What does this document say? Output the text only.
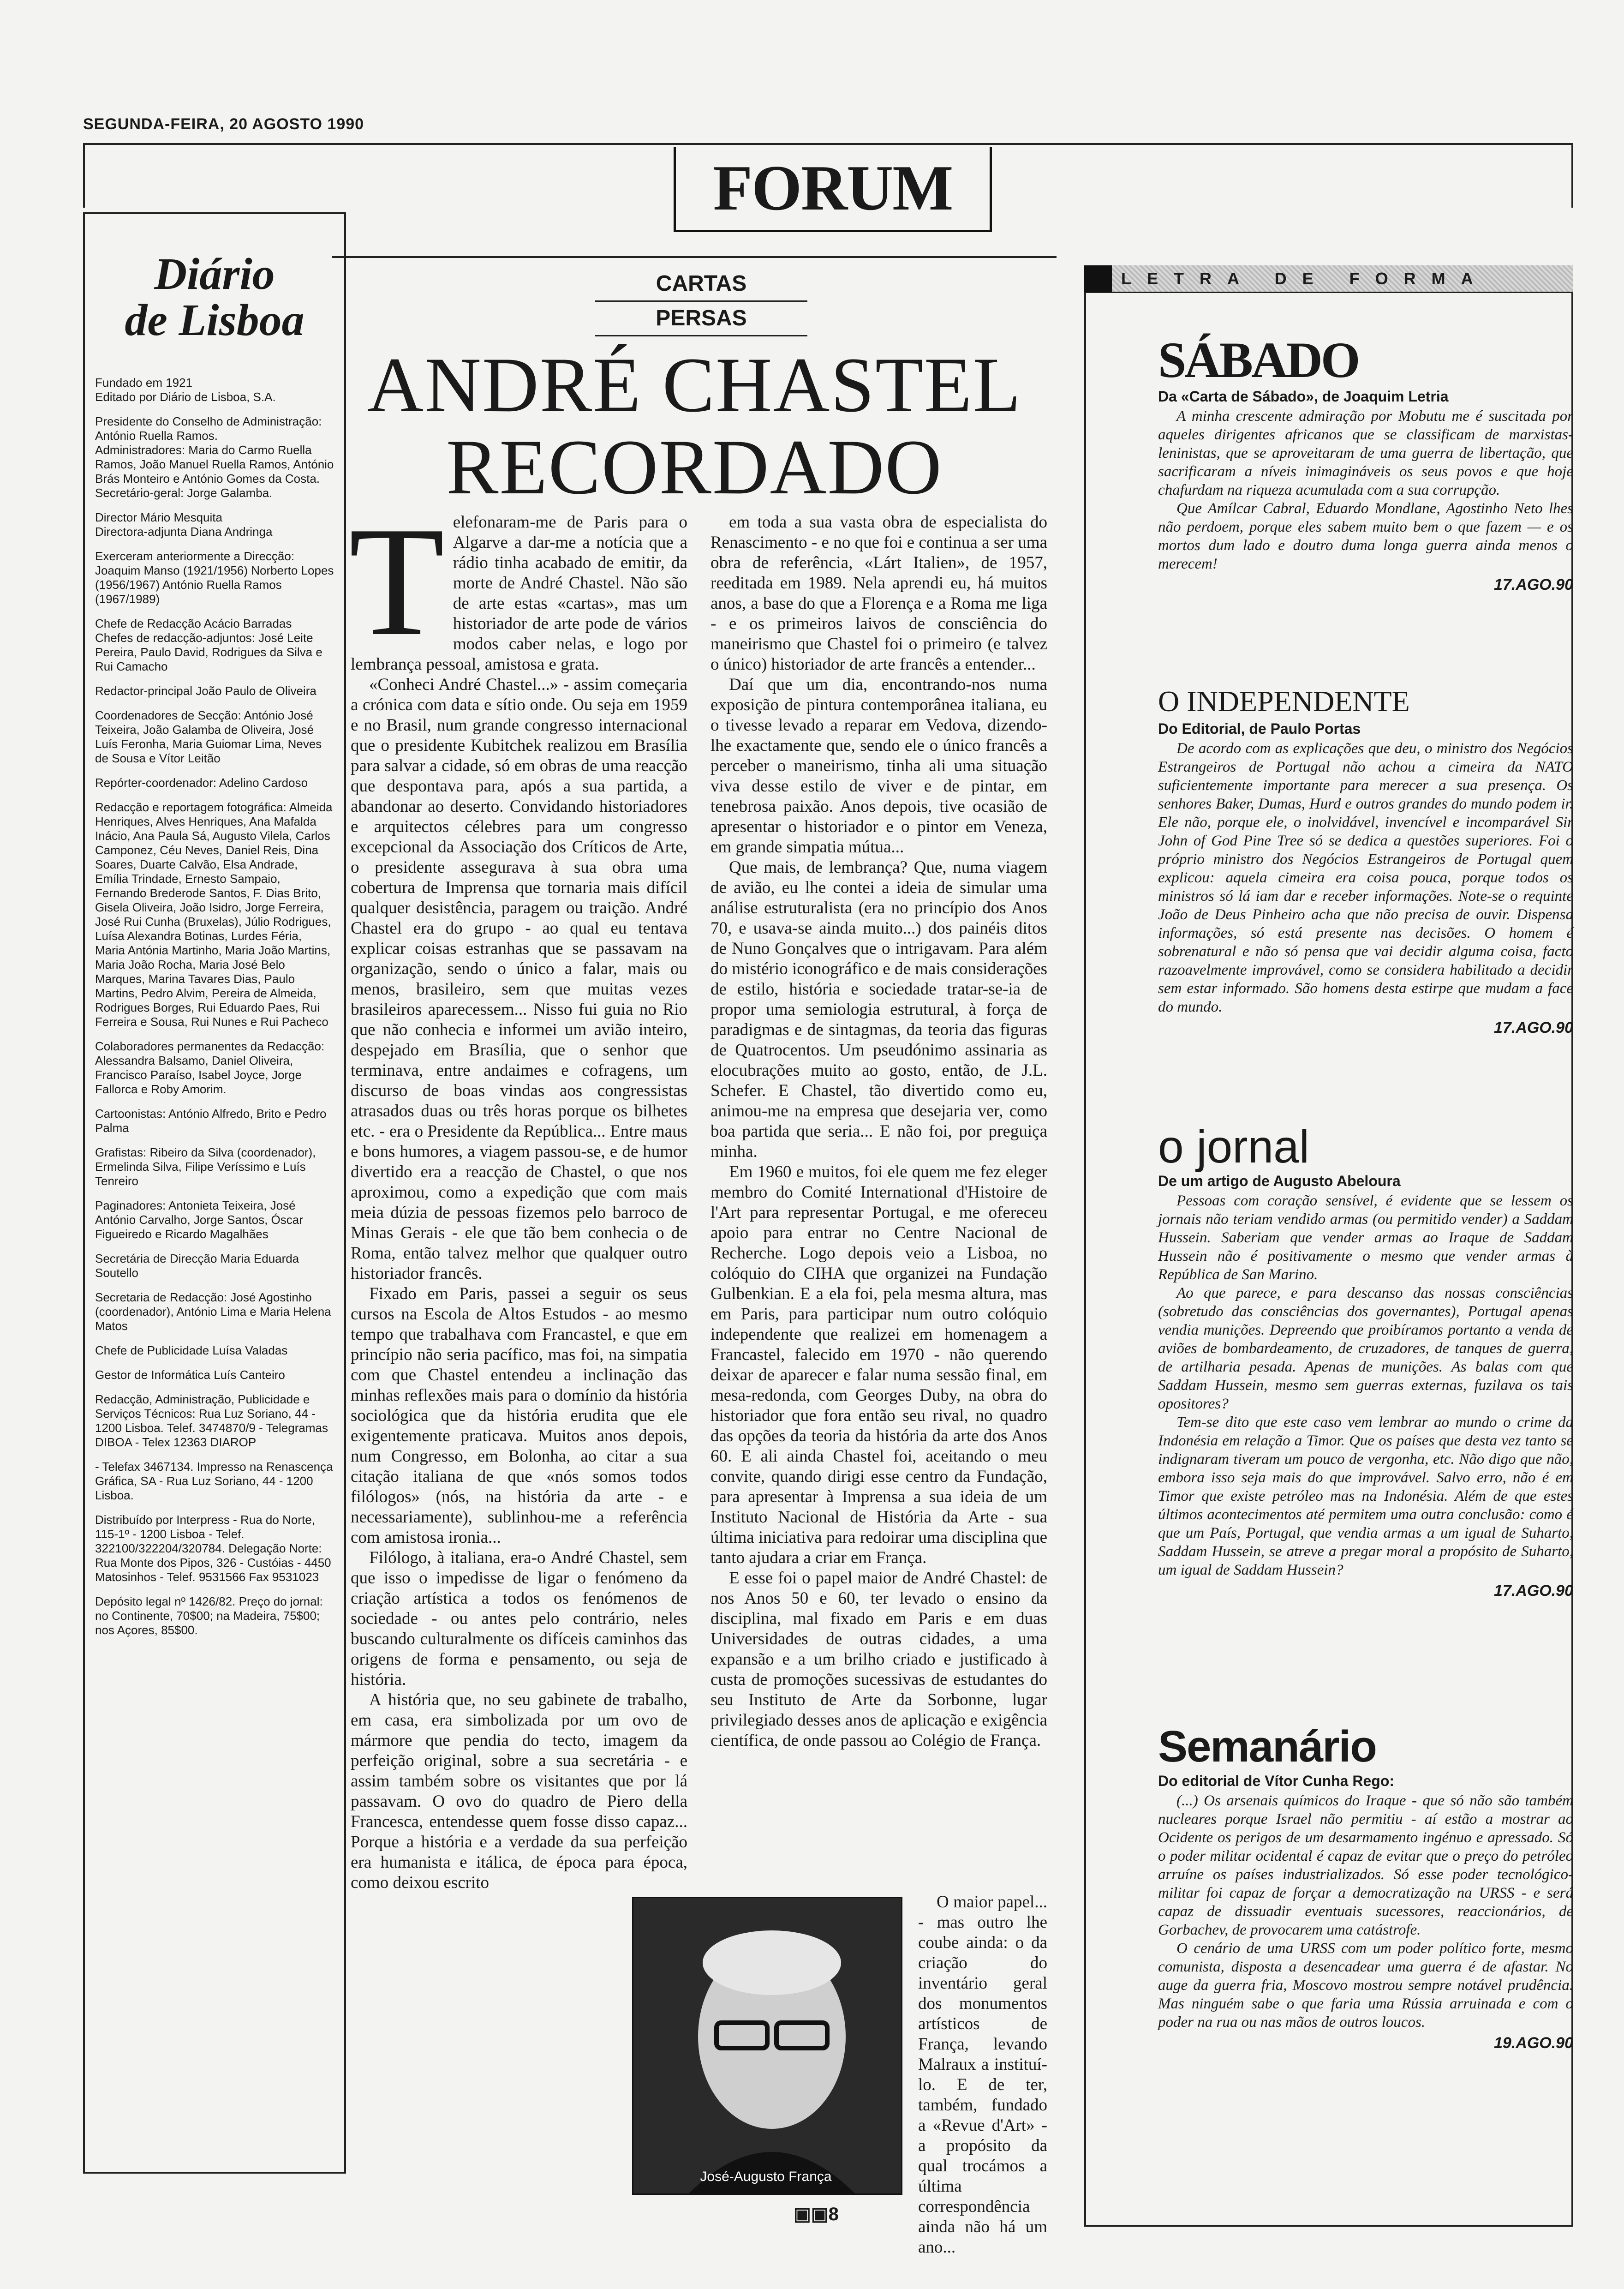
SEGUNDA-FEIRA, 20 AGOSTO 1990
FORUM
Diário
de Lisboa

Fundado em 1921
Editado por Diário de Lisboa, S.A.

Presidente do Conselho de Administração: António Ruella Ramos.
Administradores: Maria do Carmo Ruella Ramos, João Manuel Ruella Ramos, António Brás Monteiro e António Gomes da Costa.
Secretário-geral: Jorge Galamba.

Director Mário Mesquita
Directora-adjunta Diana Andringa

Exerceram anteriormente a Direcção: Joaquim Manso (1921/1956) Norberto Lopes (1956/1967) António Ruella Ramos (1967/1989)

Chefe de Redacção Acácio Barradas
Chefes de redacção-adjuntos: José Leite Pereira, Paulo David, Rodrigues da Silva e Rui Camacho

Redactor-principal João Paulo de Oliveira

Coordenadores de Secção: António José Teixeira, João Galamba de Oliveira, José Luís Feronha, Maria Guiomar Lima, Neves de Sousa e Vítor Leitão

Repórter-coordenador: Adelino Cardoso

Redacção e reportagem fotográfica: Almeida Henriques, Alves Henriques, Ana Mafalda Inácio, Ana Paula Sá, Augusto Vilela, Carlos Camponez, Céu Neves, Daniel Reis, Dina Soares, Duarte Calvão, Elsa Andrade, Emília Trindade, Ernesto Sampaio, Fernando Brederode Santos, F. Dias Brito, Gisela Oliveira, João Isidro, Jorge Ferreira, José Rui Cunha (Bruxelas), Júlio Rodrigues, Luísa Alexandra Botinas, Lurdes Féria, Maria Antónia Martinho, Maria João Martins, Maria João Rocha, Maria José Belo Marques, Marina Tavares Dias, Paulo Martins, Pedro Alvim, Pereira de Almeida, Rodrigues Borges, Rui Eduardo Paes, Rui Ferreira e Sousa, Rui Nunes e Rui Pacheco

Colaboradores permanentes da Redacção: Alessandra Balsamo, Daniel Oliveira, Francisco Paraíso, Isabel Joyce, Jorge Fallorca e Roby Amorim.

Cartoonistas: António Alfredo, Brito e Pedro Palma

Grafistas: Ribeiro da Silva (coordenador), Ermelinda Silva, Filipe Veríssimo e Luís Tenreiro

Paginadores: Antonieta Teixeira, José António Carvalho, Jorge Santos, Óscar Figueiredo e Ricardo Magalhães

Secretária de Direcção Maria Eduarda Soutello

Secretaria de Redacção: José Agostinho (coordenador), António Lima e Maria Helena Matos

Chefe de Publicidade Luísa Valadas

Gestor de Informática Luís Canteiro

Redacção, Administração, Publicidade e Serviços Técnicos: Rua Luz Soriano, 44 - 1200 Lisboa. Telef. 3474870/9 - Telegramas DIBOA - Telex 12363 DIAROP

- Telefax 3467134. Impresso na Renascença Gráfica, SA - Rua Luz Soriano, 44 - 1200 Lisboa.

Distribuído por Interpress - Rua do Norte, 115-1º - 1200 Lisboa - Telef. 322100/322204/320784. Delegação Norte: Rua Monte dos Pipos, 326 - Custóias - 4450 Matosinhos - Telef. 9531566 Fax 9531023

Depósito legal nº 1426/82. Preço do jornal: no Continente, 70$00; na Madeira, 75$00; nos Açores, 85$00.

CARTAS
PERSAS
ANDRÉ CHASTEL
RECORDADO
T elefonaram-me de Paris para o Algarve a dar-me a notícia que a rádio tinha acabado de emitir, da morte de André Chastel. Não são de arte estas «cartas», mas um historiador de arte pode de vários modos caber nelas, e logo por lembrança pessoal, amistosa e grata.

«Conheci André Chastel...» - assim começaria a crónica com data e sítio onde. Ou seja em 1959 e no Brasil, num grande congresso internacional que o presidente Kubitchek realizou em Brasília para salvar a cidade, só em obras de uma reacção que despontava para, após a sua partida, a abandonar ao deserto. Convidando historiadores e arquitectos célebres para um congresso excepcional da Associação dos Críticos de Arte, o presidente assegurava à sua obra uma cobertura de Imprensa que tornaria mais difícil qualquer desistência, paragem ou traição. André Chastel era do grupo - ao qual eu tentava explicar coisas estranhas que se passavam na organização, sendo o único a falar, mais ou menos, brasileiro, sem que muitas vezes brasileiros aparecessem... Nisso fui guia no Rio que não conhecia e informei um avião inteiro, despejado em Brasília, que o senhor que terminava, entre andaimes e cofragens, um discurso de boas vindas aos congressistas atrasados duas ou três horas porque os bilhetes etc. - era o Presidente da República... Entre maus e bons humores, a viagem passou-se, e de humor divertido era a reacção de Chastel, o que nos aproximou, como a expedição que com mais meia dúzia de pessoas fizemos pelo barroco de Minas Gerais - ele que tão bem conhecia o de Roma, então talvez melhor que qualquer outro historiador francês.

Fixado em Paris, passei a seguir os seus cursos na Escola de Altos Estudos - ao mesmo tempo que trabalhava com Francastel, e que em princípio não seria pacífico, mas foi, na simpatia com que Chastel entendeu a inclinação das minhas reflexões mais para o domínio da história sociológica que da história erudita que ele exigentemente praticava. Muitos anos depois, num Congresso, em Bolonha, ao citar a sua citação italiana de que «nós somos todos filólogos» (nós, na história da arte - e necessariamente), sublinhou-me a referência com amistosa ironia...

Filólogo, à italiana, era-o André Chastel, sem que isso o impedisse de ligar o fenómeno da criação artística a todos os fenómenos de sociedade - ou antes pelo contrário, neles buscando culturalmente os difíceis caminhos das origens de forma e pensamento, ou seja de história.

A história que, no seu gabinete de trabalho, em casa, era simbolizada por um ovo de mármore que pendia do tecto, imagem da perfeição original, sobre a sua secretária - e assim também sobre os visitantes que por lá passavam. O ovo do quadro de Piero della Francesca, entendesse quem fosse disso capaz... Porque a história e a verdade da sua perfeição era humanista e itálica, de época para época, como deixou escrito

em toda a sua vasta obra de especialista do Renascimento - e no que foi e continua a ser uma obra de referência, «Lárt Italien», de 1957, reeditada em 1989. Nela aprendi eu, há muitos anos, a base do que a Florença e a Roma me liga - e os primeiros laivos de consciência do maneirismo que Chastel foi o primeiro (e talvez o único) historiador de arte francês a entender...

Daí que um dia, encontrando-nos numa exposição de pintura contemporânea italiana, eu o tivesse levado a reparar em Vedova, dizendo-lhe exactamente que, sendo ele o único francês a perceber o maneirismo, tinha ali uma situação viva desse estilo de viver e de pintar, em tenebrosa paixão. Anos depois, tive ocasião de apresentar o historiador e o pintor em Veneza, em grande simpatia mútua...

Que mais, de lembrança? Que, numa viagem de avião, eu lhe contei a ideia de simular uma análise estruturalista (era no princípio dos Anos 70, e usava-se ainda muito...) dos painéis ditos de Nuno Gonçalves que o intrigavam. Para além do mistério iconográfico e de mais considerações de estilo, história e sociedade tratar-se-ia de propor uma semiologia estrutural, à força de paradigmas e de sintagmas, da teoria das figuras de Quatrocentos. Um pseudónimo assinaria as elocubrações muito ao gosto, então, de J.L. Schefer. E Chastel, tão divertido como eu, animou-me na empresa que desejaria ver, como boa partida que seria... E não foi, por preguiça minha.

Em 1960 e muitos, foi ele quem me fez eleger membro do Comité International d'Histoire de l'Art para representar Portugal, e me ofereceu apoio para entrar no Centre Nacional de Recherche. Logo depois veio a Lisboa, no colóquio do CIHA que organizei na Fundação Gulbenkian. E a ela foi, pela mesma altura, mas em Paris, para participar num outro colóquio independente que realizei em homenagem a Francastel, falecido em 1970 - não querendo deixar de aparecer e falar numa sessão final, em mesa-redonda, com Georges Duby, na obra do historiador que fora então seu rival, no quadro das opções da teoria da história da arte dos Anos 60. E ali ainda Chastel foi, aceitando o meu convite, quando dirigi esse centro da Fundação, para apresentar à Imprensa a sua ideia de um Instituto Nacional de História da Arte - sua última iniciativa para redoirar uma disciplina que tanto ajudara a criar em França.

E esse foi o papel maior de André Chastel: de nos Anos 50 e 60, ter levado o ensino da disciplina, mal fixado em Paris e em duas Universidades de outras cidades, a uma expansão e a um brilho criado e justificado à custa de promoções sucessivas de estudantes do seu Instituto de Arte da Sorbonne, lugar privilegiado desses anos de aplicação e exigência científica, de onde passou ao Colégio de França.

O maior papel... - mas outro lhe coube ainda: o da criação do inventário geral dos monumentos artísticos de França, levando Malraux a instituí-lo. E de ter, também, fundado a «Revue d'Art» - a propósito da qual trocámos a última correspondência ainda não há um ano...

José-Augusto França
LETRA DE FORMA
SÁBADO
Da «Carta de Sábado», de Joaquim Letria

A minha crescente admiração por Mobutu me é suscitada por aqueles dirigentes africanos que se classificam de marxistas-leninistas, que se aproveitaram de uma guerra de libertação, que sacrificaram a níveis inimagináveis os seus povos e que hoje chafurdam na riqueza acumulada com a sua corrupção.

Que Amílcar Cabral, Eduardo Mondlane, Agostinho Neto lhes não perdoem, porque eles sabem muito bem o que fazem — e os mortos dum lado e doutro duma longa guerra ainda menos o merecem!

17.AGO.90
O INDEPENDENTE
Do Editorial, de Paulo Portas

De acordo com as explicações que deu, o ministro dos Negócios Estrangeiros de Portugal não achou a cimeira da NATO suficientemente importante para merecer a sua presença. Os senhores Baker, Dumas, Hurd e outros grandes do mundo podem ir. Ele não, porque ele, o inolvidável, invencível e incomparável Sir John of God Pine Tree só se dedica a questões superiores. Foi o próprio ministro dos Negócios Estrangeiros de Portugal quem explicou: aquela cimeira era coisa pouca, porque todos os ministros só lá iam dar e receber informações. Note-se o requinte João de Deus Pinheiro acha que não precisa de ouvir. Dispensa informações, só está presente nas decisões. O homem é sobrenatural e não só pensa que vai decidir alguma coisa, facto razoavelmente improvável, como se considera habilitado a decidir sem estar informado. São homens desta estirpe que mudam a face do mundo.

17.AGO.90
o jornal
De um artigo de Augusto Abeloura

Pessoas com coração sensível, é evidente que se lessem os jornais não teriam vendido armas (ou permitido vender) a Saddam Hussein. Saberiam que vender armas ao Iraque de Saddam Hussein não é positivamente o mesmo que vender armas à República de San Marino.

Ao que parece, e para descanso das nossas consciências (sobretudo das consciências dos governantes), Portugal apenas vendia munições. Depreendo que proibíramos portanto a venda de aviões de bombardeamento, de cruzadores, de tanques de guerra, de artilharia pesada. Apenas de munições. As balas com que Saddam Hussein, mesmo sem guerras externas, fuzilava os tais opositores?

Tem-se dito que este caso vem lembrar ao mundo o crime da Indonésia em relação a Timor. Que os países que desta vez tanto se indignaram tiveram um pouco de vergonha, etc. Não digo que não, embora isso seja mais do que improvável. Salvo erro, não é em Timor que existe petróleo mas na Indonésia. Além de que estes últimos acontecimentos até permitem uma outra conclusão: como é que um País, Portugal, que vendia armas a um igual de Suharto, Saddam Hussein, se atreve a pregar moral a propósito de Suharto, um igual de Saddam Hussein?

17.AGO.90
Semanário
Do editorial de Vítor Cunha Rego:

(...) Os arsenais químicos do Iraque - que só não são também nucleares porque Israel não permitiu - aí estão a mostrar ao Ocidente os perigos de um desarmamento ingénuo e apressado. Só o poder militar ocidental é capaz de evitar que o preço do petróleo arruíne os países industrializados. Só esse poder tecnológico-militar foi capaz de forçar a democratização na URSS - e será capaz de dissuadir eventuais sucessores, reaccionários, de Gorbachev, de provocarem uma catástrofe.

O cenário de uma URSS com um poder político forte, mesmo comunista, disposta a desencadear uma guerra é de afastar. No auge da guerra fria, Moscovo mostrou sempre notável prudência. Mas ninguém sabe o que faria uma Rússia arruinada e com o poder na rua ou nas mãos de outros loucos.

19.AGO.90
▣▣8
